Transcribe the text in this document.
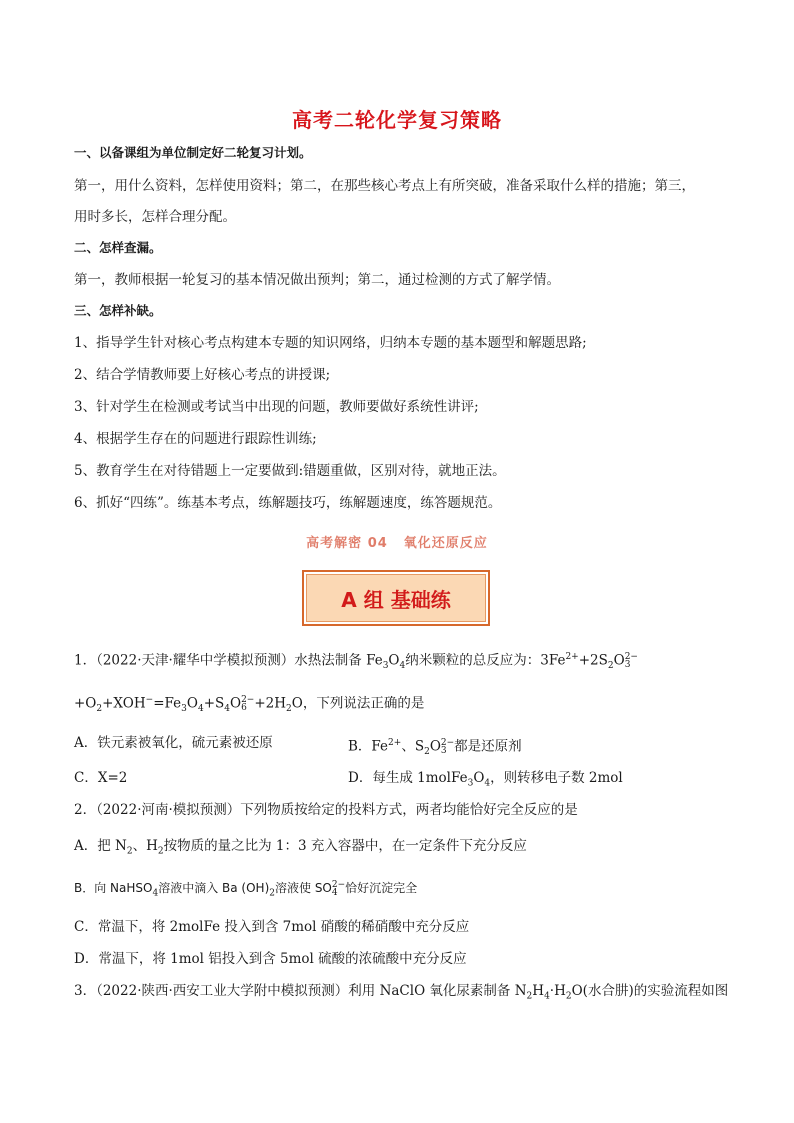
高考二轮化学复习策略
一、以备课组为单位制定好二轮复习计划。
第一，用什么资料，怎样使用资料；第二，在那些核心考点上有所突破，准备采取什么样的措施；第三，
用时多长，怎样合理分配。
二、怎样查漏。
第一，教师根据一轮复习的基本情况做出预判；第二，通过检测的方式了解学情。
三、怎样补缺。
1、指导学生针对核心考点构建本专题的知识网络，归纳本专题的基本题型和解题思路;
2、结合学情教师要上好核心考点的讲授课;
3、针对学生在检测或考试当中出现的问题，教师要做好系统性讲评;
4、根据学生存在的问题进行跟踪性训练;
5、教育学生在对待错题上一定要做到:错题重做，区别对待，就地正法。
6、抓好“四练”。练基本考点，练解题技巧，练解题速度，练答题规范。
高考解密 04 氧化还原反应
A 组 基础练
1．（2022·天津·耀华中学模拟预测）水热法制备 $Fe_3O_4$纳米颗粒的总反应为：$3Fe^{2+}+2S_2O$ 2−
3
$+O_2+XOH^-=Fe_3O_4+S_4O$ 2−
$6 +2H_2O$，下列说法正确的是
A．铁元素被氧化，硫元素被还原	B．$Fe^{2+}$、$S_2O$ 2−
3 都是还原剂
C．X=2	D．每生成 $1molFe_3O_4$，则转移电子数 2mol
2．（2022·河南·模拟预测）下列物质按给定的投料方式，两者均能恰好完全反应的是
A．把 $N_2$、$H_2$按物质的量之比为 1：3 充入容器中，在一定条件下充分反应
B．向 NaHSO$_4$溶液中滴入 Ba $(OH)_2$溶液使 SO 2−
4 恰好沉淀完全
C．常温下，将 2molFe 投入到含 7mol 硝酸的稀硝酸中充分反应
D．常温下，将 1mol 铝投入到含 5mol 硫酸的浓硫酸中充分反应
3．（2022·陕西·西安工业大学附中模拟预测）利用 NaClO 氧化尿素制备 $N_2H_4\cdot H_2O$(水合肼)的实验流程如图
